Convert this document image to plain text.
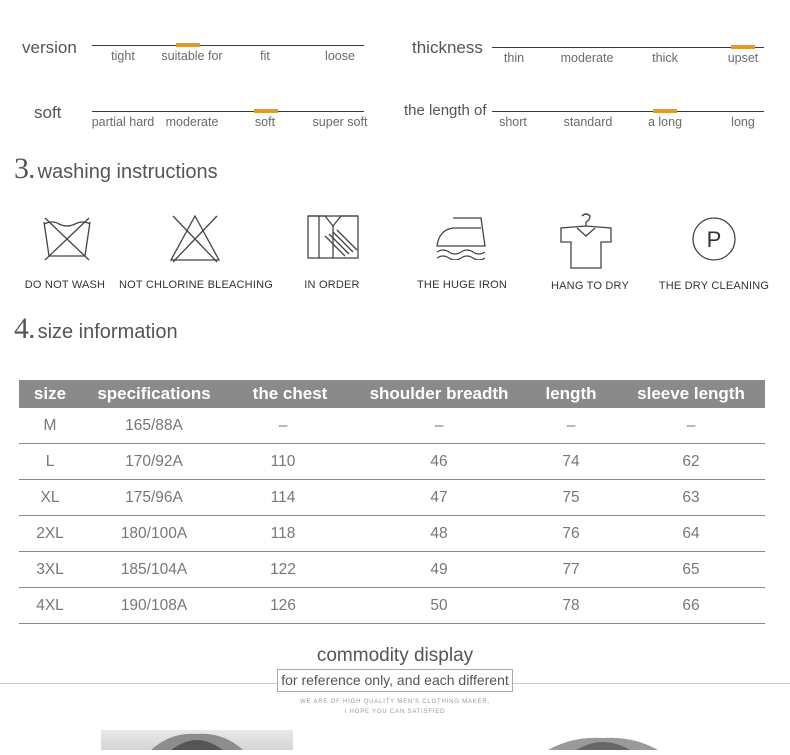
version	tight suitable for	fit	loose	thickness
thin	moderate	thick	upset
soft partial hard moderate	soft	super soft
the length of
short	standard	a long	long
3 . washing instructions
DO NOT WASH NOT CHLORINE BLEACHING	IN ORDER	THE HUGE IRON	HANG TO DRY
P
THE DRY CLEANING
4 . size information
size	specifications	the chest	shoulder breadth	length	sleeve length
M	165/88A	–	–	–	–
L	170/92A	110	46	74	62
XL	175/96A	114	47	75	63
2XL	180/100A	118	48	76	64
3XL	185/104A	122	49	77	65
4XL	190/108A	126	50	78	66
commodity display
for reference only, and each different
WE ARE OF HIGH QUALITY MEN'S CLOTHING MAKER,
I HOPE YOU CAN SATISFIED
